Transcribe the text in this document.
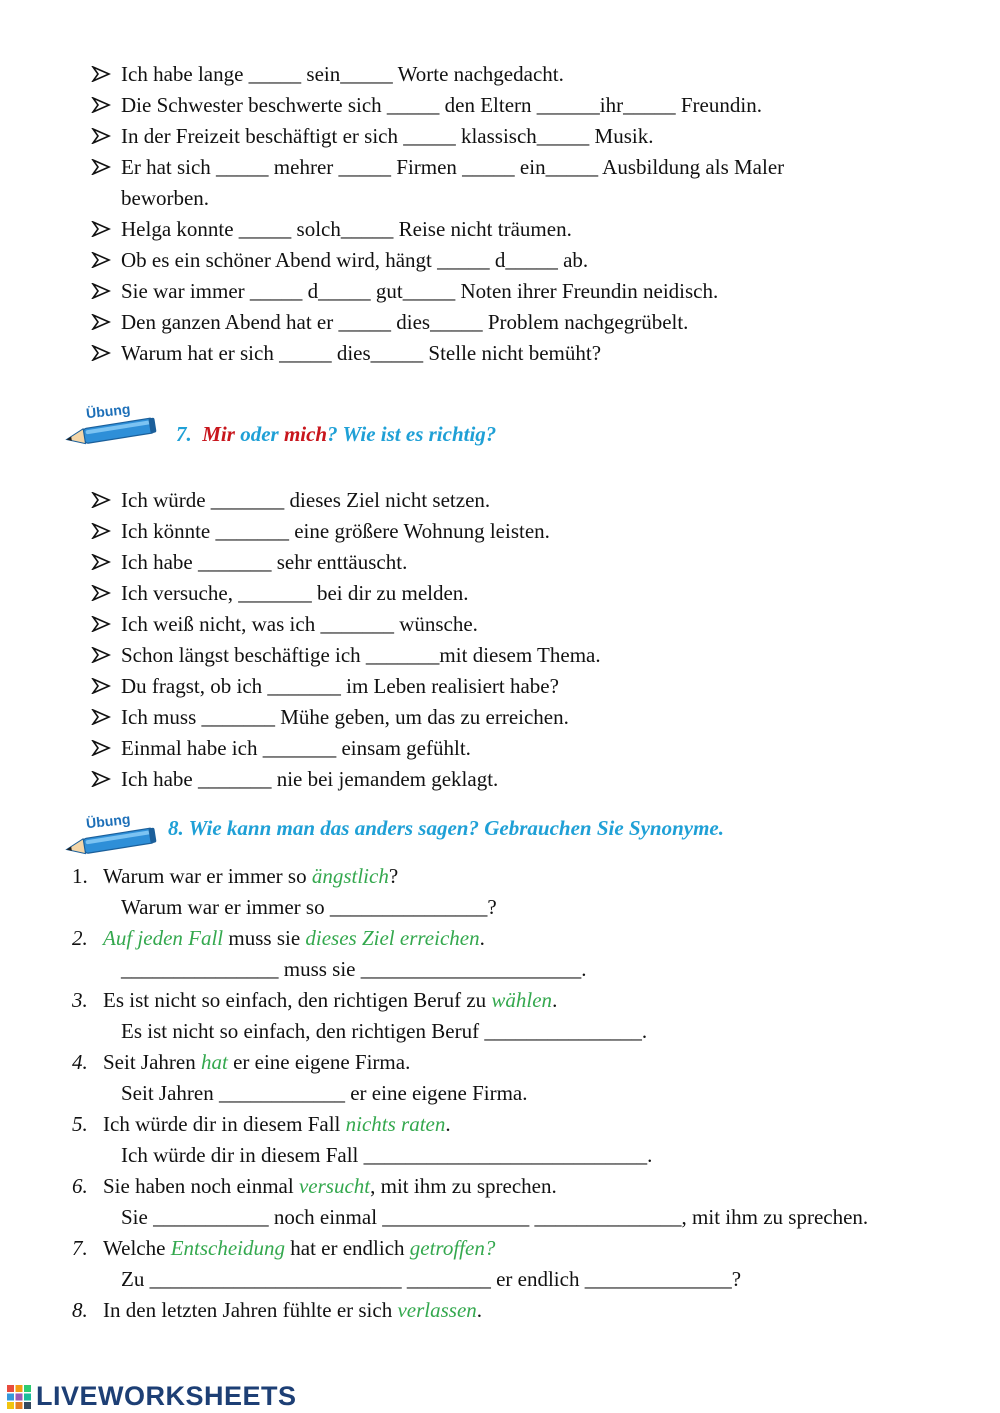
Ich habe lange _____ sein_____ Worte nachgedacht.
Die Schwester beschwerte sich _____ den Eltern ______ihr_____ Freundin.
In der Freizeit beschäftigt er sich _____ klassisch_____ Musik.
Er hat sich _____ mehrer _____ Firmen _____ ein_____ Ausbildung als Maler
beworben.
Helga konnte _____ solch_____ Reise nicht träumen.
Ob es ein schöner Abend wird, hängt _____ d_____ ab.
Sie war immer _____ d_____ gut_____ Noten ihrer Freundin neidisch.
Den ganzen Abend hat er _____ dies_____ Problem nachgegrübelt.
Warum hat er sich _____ dies_____ Stelle nicht bemüht?
Übung
7. Mir oder mich? Wie ist es richtig?
Ich würde _______ dieses Ziel nicht setzen.
Ich könnte _______ eine größere Wohnung leisten.
Ich habe _______ sehr enttäuscht.
Ich versuche, _______ bei dir zu melden.
Ich weiß nicht, was ich _______ wünsche.
Schon längst beschäftige ich _______mit diesem Thema.
Du fragst, ob ich _______ im Leben realisiert habe?
Ich muss _______ Mühe geben, um das zu erreichen.
Einmal habe ich _______ einsam gefühlt.
Ich habe _______ nie bei jemandem geklagt.
Übung 8. Wie kann man das anders sagen? Gebrauchen Sie Synonyme.
1. Warum war er immer so ängstlich?
Warum war er immer so _______________?
2. Auf jeden Fall muss sie dieses Ziel erreichen.
_______________ muss sie _____________________.
3. Es ist nicht so einfach, den richtigen Beruf zu wählen.
Es ist nicht so einfach, den richtigen Beruf _______________.
4. Seit Jahren hat er eine eigene Firma.
Seit Jahren ____________ er eine eigene Firma.
5. Ich würde dir in diesem Fall nichts raten.
Ich würde dir in diesem Fall ___________________________.
6. Sie haben noch einmal versucht, mit ihm zu sprechen.
Sie ___________ noch einmal ______________ ______________, mit ihm zu sprechen.
7. Welche Entscheidung hat er endlich getroffen?
Zu ________________________ ________ er endlich ______________?
8. In den letzten Jahren fühlte er sich verlassen.
LIVEWORKSHEETS
